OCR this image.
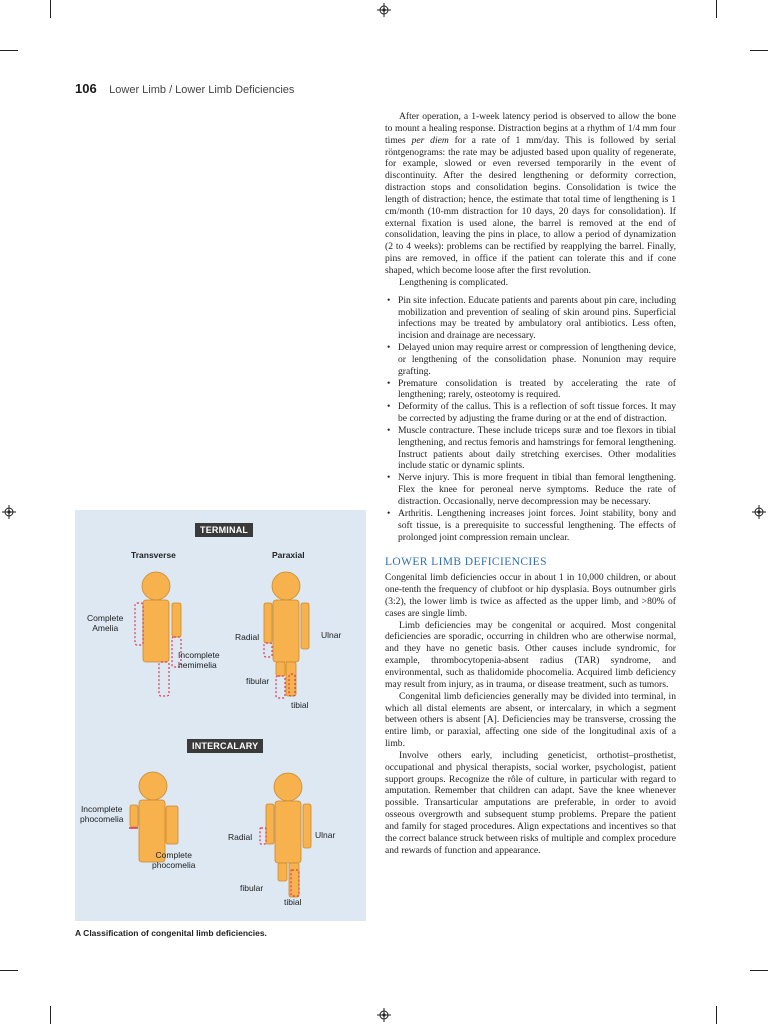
106 Lower Limb / Lower Limb Deficiencies
TERMINAL
Transverse	Paraxial
Complete
Amelia
Incomplete
hemimelia
Radial	Ulnar
fibular
tibial
INTERCALARY
Incomplete
phocomelia
Complete
phocomelia
Radial	Ulnar
fibular
tibial
A Classification of congenital limb deficiencies.

After operation, a 1-week latency period is observed to allow the bone to mount a healing response. Distraction begins at a rhythm of 1/4 mm four times per diem for a rate of 1 mm/day. This is followed by serial röntgenograms: the rate may be adjusted based upon quality of regenerate, for example, slowed or even reversed temporarily in the event of discontinuity. After the desired lengthening or deformity correction, distraction stops and consolidation begins. Consolidation is twice the length of distraction; hence, the estimate that total time of lengthening is 1 cm/month (10-mm distraction for 10 days, 20 days for consolidation). If external fixation is used alone, the barrel is removed at the end of consolidation, leaving the pins in place, to allow a period of dynamization (2 to 4 weeks): problems can be rectified by reapplying the barrel. Finally, pins are removed, in office if the patient can tolerate this and if cone shaped, which become loose after the first revolution.

Lengthening is complicated.

• Pin site infection. Educate patients and parents about pin care, including mobilization and prevention of sealing of skin around pins. Superficial infections may be treated by ambulatory oral antibiotics. Less often, incision and drainage are necessary.
• Delayed union may require arrest or compression of lengthening device, or lengthening of the consolidation phase. Nonunion may require grafting.
• Premature consolidation is treated by accelerating the rate of lengthening; rarely, osteotomy is required.
• Deformity of the callus. This is a reflection of soft tissue forces. It may be corrected by adjusting the frame during or at the end of distraction.
• Muscle contracture. These include triceps suræ and toe flexors in tibial lengthening, and rectus femoris and hamstrings for femoral lengthening. Instruct patients about daily stretching exercises. Other modalities include static or dynamic splints.
• Nerve injury. This is more frequent in tibial than femoral lengthening. Flex the knee for peroneal nerve symptoms. Reduce the rate of distraction. Occasionally, nerve decompression may be necessary.
• Arthritis. Lengthening increases joint forces. Joint stability, bony and soft tissue, is a prerequisite to successful lengthening. The effects of prolonged joint compression remain unclear.
LOWER LIMB DEFICIENCIES

Congenital limb deficiencies occur in about 1 in 10,000 children, or about one-tenth the frequency of clubfoot or hip dysplasia. Boys outnumber girls (3:2), the lower limb is twice as affected as the upper limb, and >80% of cases are single limb.

Limb deficiencies may be congenital or acquired. Most congenital deficiencies are sporadic, occurring in children who are otherwise normal, and they have no genetic basis. Other causes include syndromic, for example, thrombocytopenia-absent radius (TAR) syndrome, and environmental, such as thalidomide phocomelia. Acquired limb deficiency may result from injury, as in trauma, or disease treatment, such as tumors.

Congenital limb deficiencies generally may be divided into terminal, in which all distal elements are absent, or intercalary, in which a segment between others is absent [A]. Deficiencies may be transverse, crossing the entire limb, or paraxial, affecting one side of the longitudinal axis of a limb.

Involve others early, including geneticist, orthotist–prosthetist, occupational and physical therapists, social worker, psychologist, patient support groups. Recognize the rôle of culture, in particular with regard to amputation. Remember that children can adapt. Save the knee whenever possible. Transarticular amputations are preferable, in order to avoid osseous overgrowth and subsequent stump problems. Prepare the patient and family for staged procedures. Align expectations and incentives so that the correct balance struck between risks of multiple and complex procedure and rewards of function and appearance.
